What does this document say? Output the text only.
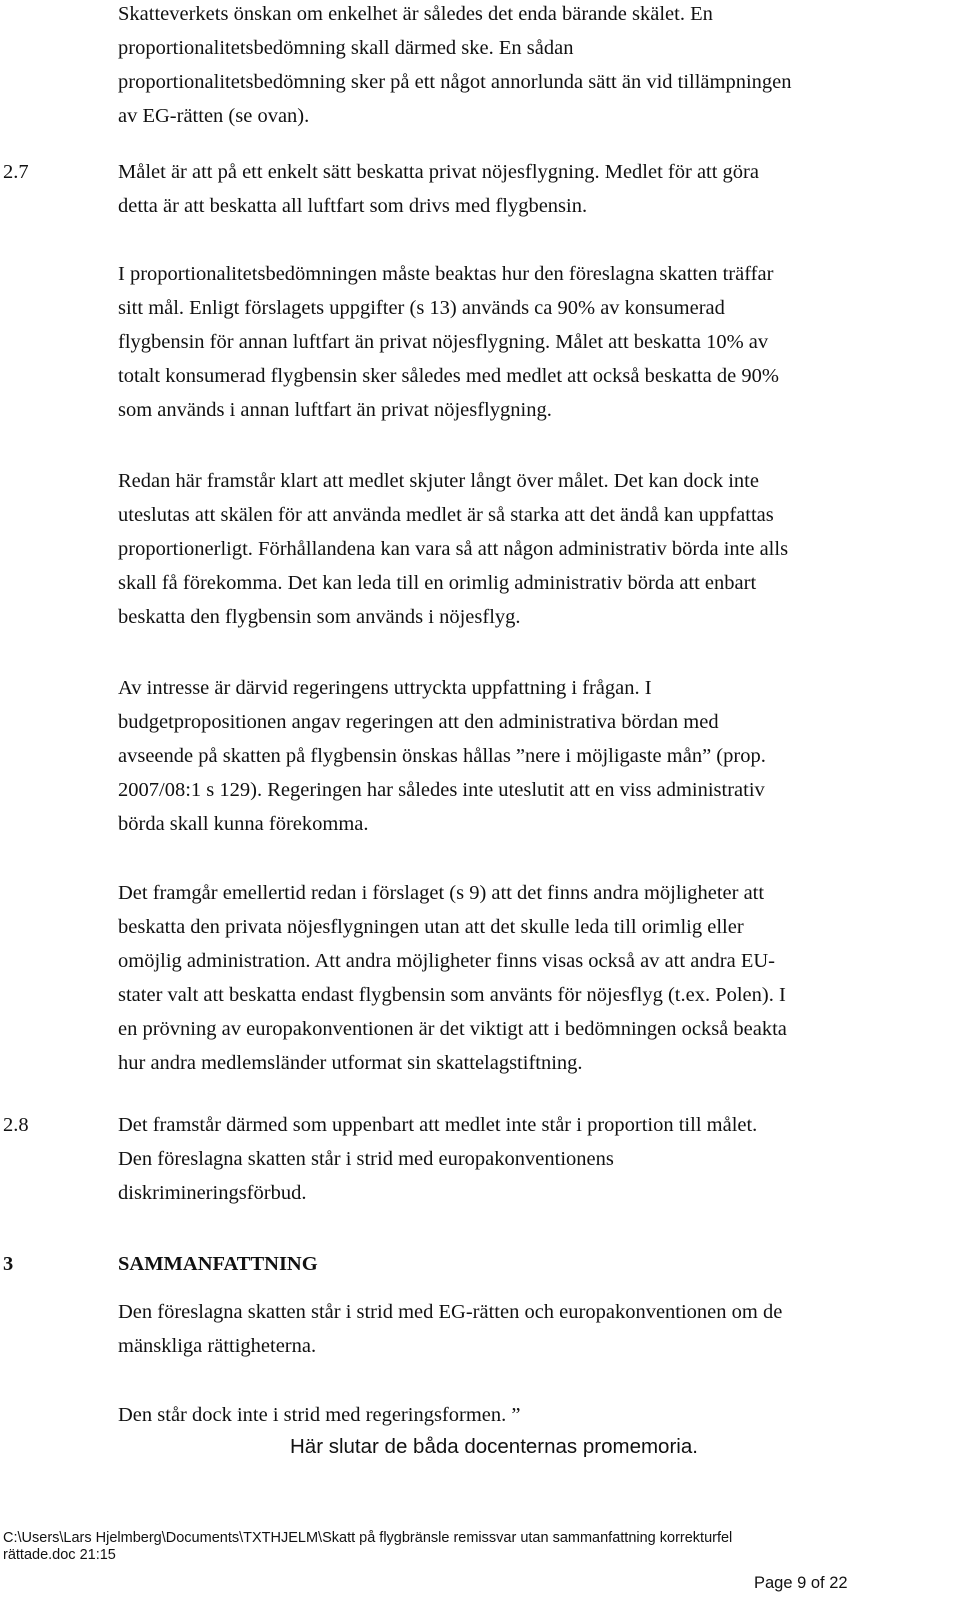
Skatteverkets önskan om enkelhet är således det enda bärande skälet. En
proportionalitetsbedömning skall därmed ske. En sådan
proportionalitetsbedömning sker på ett något annorlunda sätt än vid tillämpningen
av EG-rätten (se ovan).
2.7	Målet är att på ett enkelt sätt beskatta privat nöjesflygning. Medlet för att göra
detta är att beskatta all luftfart som drivs med flygbensin.
I proportionalitetsbedömningen måste beaktas hur den föreslagna skatten träffar
sitt mål. Enligt förslagets uppgifter (s 13) används ca 90% av konsumerad
flygbensin för annan luftfart än privat nöjesflygning. Målet att beskatta 10% av
totalt konsumerad flygbensin sker således med medlet att också beskatta de 90%
som används i annan luftfart än privat nöjesflygning.
Redan här framstår klart att medlet skjuter långt över målet. Det kan dock inte
uteslutas att skälen för att använda medlet är så starka att det ändå kan uppfattas
proportionerligt. Förhållandena kan vara så att någon administrativ börda inte alls
skall få förekomma. Det kan leda till en orimlig administrativ börda att enbart
beskatta den flygbensin som används i nöjesflyg.
Av intresse är därvid regeringens uttryckta uppfattning i frågan. I
budgetpropositionen angav regeringen att den administrativa bördan med
avseende på skatten på flygbensin önskas hållas ”nere i möjligaste mån” (prop.
2007/08:1 s 129). Regeringen har således inte uteslutit att en viss administrativ
börda skall kunna förekomma.
Det framgår emellertid redan i förslaget (s 9) att det finns andra möjligheter att
beskatta den privata nöjesflygningen utan att det skulle leda till orimlig eller
omöjlig administration. Att andra möjligheter finns visas också av att andra EU-
stater valt att beskatta endast flygbensin som använts för nöjesflyg (t.ex. Polen). I
en prövning av europakonventionen är det viktigt att i bedömningen också beakta
hur andra medlemsländer utformat sin skattelagstiftning.
2.8	Det framstår därmed som uppenbart att medlet inte står i proportion till målet.
Den föreslagna skatten står i strid med europakonventionens
diskrimineringsförbud.
3	SAMMANFATTNING
Den föreslagna skatten står i strid med EG-rätten och europakonventionen om de
mänskliga rättigheterna.
Den står dock inte i strid med regeringsformen. ”
Här slutar de båda docenternas promemoria.
C:\Users\Lars Hjelmberg\Documents\TXTHJELM\Skatt på flygbränsle remissvar utan sammanfattning korrekturfel
rättade.doc 21:15
Page 9 of 22
